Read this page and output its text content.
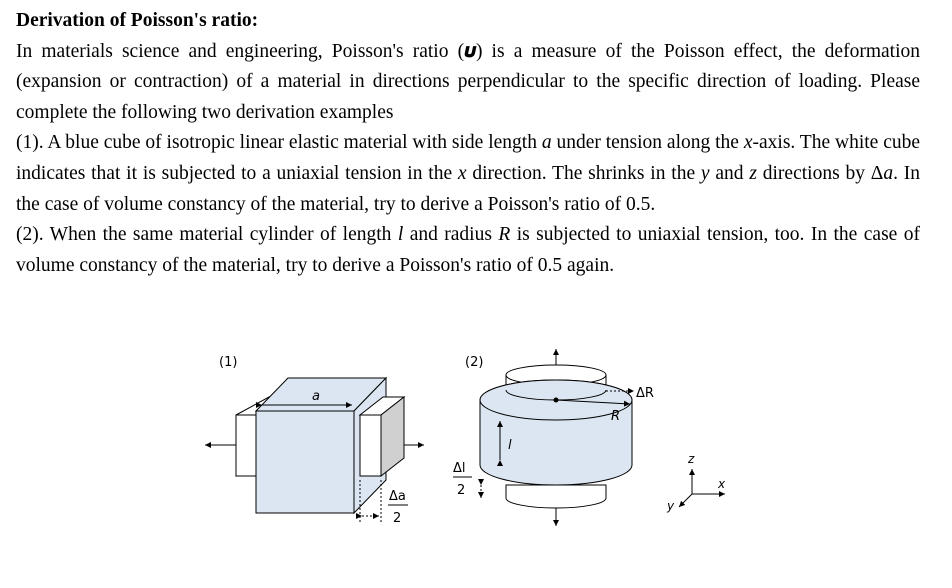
Derivation of Poisson's ratio:
In materials science and engineering, Poisson's ratio (𝝊) is a measure of the Poisson effect, the deformation (expansion or contraction) of a material in directions perpendicular to the specific direction of loading. Please complete the following two derivation examples
(1). A blue cube of isotropic linear elastic material with side length a under tension along the x-axis. The white cube indicates that it is subjected to a uniaxial tension in the x direction. The shrinks in the y and z directions by Δa. In the case of volume constancy of the material, try to derive a Poisson's ratio of 0.5.
(2). When the same material cylinder of length l and radius R is subjected to uniaxial tension, too. In the case of volume constancy of the material, try to derive a Poisson's ratio of 0.5 again.
(1)
a
Δa
2
(2)
R
ΔR
l
Δl
2
z
x
y
